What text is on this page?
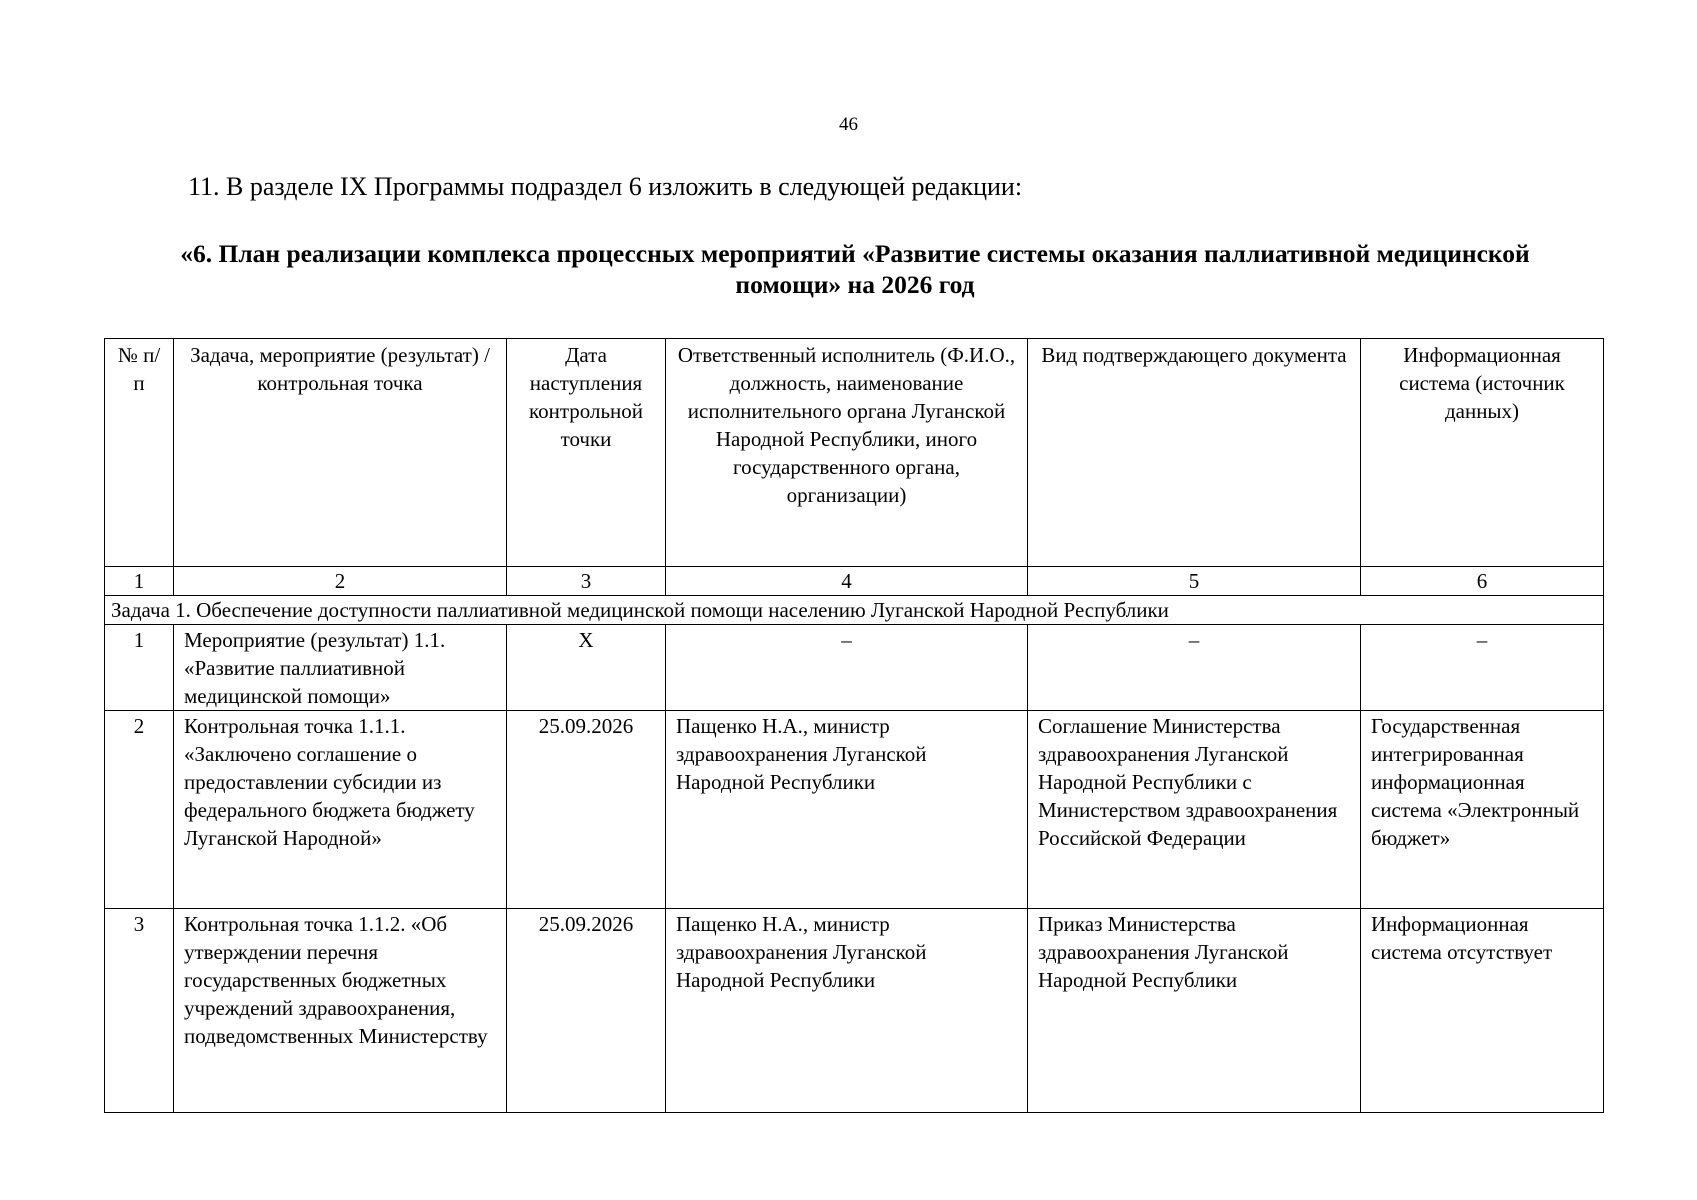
46
11. В разделе IX Программы подраздел 6 изложить в следующей редакции:
«6. План реализации комплекса процессных мероприятий «Развитие системы оказания паллиативной медицинской помощи» на 2026 год
№ п/п	Задача, мероприятие (результат) / контрольная точка	Дата наступления контрольной точки	Ответственный исполнитель (Ф.И.О., должность, наименование исполнительного органа Луганской Народной Республики, иного государственного органа, организации)	Вид подтверждающего документа	Информационная система (источник данных)
1	2	3	4	5	6
Задача 1. Обеспечение доступности паллиативной медицинской помощи населению Луганской Народной Республики					
1	Мероприятие (результат) 1.1. «Развитие паллиативной медицинской помощи»	X	–	–	–
2	Контрольная точка 1.1.1. «Заключено соглашение о предоставлении субсидии из федерального бюджета бюджету Луганской Народной»	25.09.2026	Пащенко Н.А., министр здравоохранения Луганской Народной Республики	Соглашение Министерства здравоохранения Луганской Народной Республики с Министерством здравоохранения Российской Федерации	Государственная интегрированная информационная система «Электронный бюджет»
3	Контрольная точка 1.1.2. «Об утверждении перечня государственных бюджетных учреждений здравоохранения, подведомственных Министерству	25.09.2026	Пащенко Н.А., министр здравоохранения Луганской Народной Республики	Приказ Министерства здравоохранения Луганской Народной Республики	Информационная система отсутствует
